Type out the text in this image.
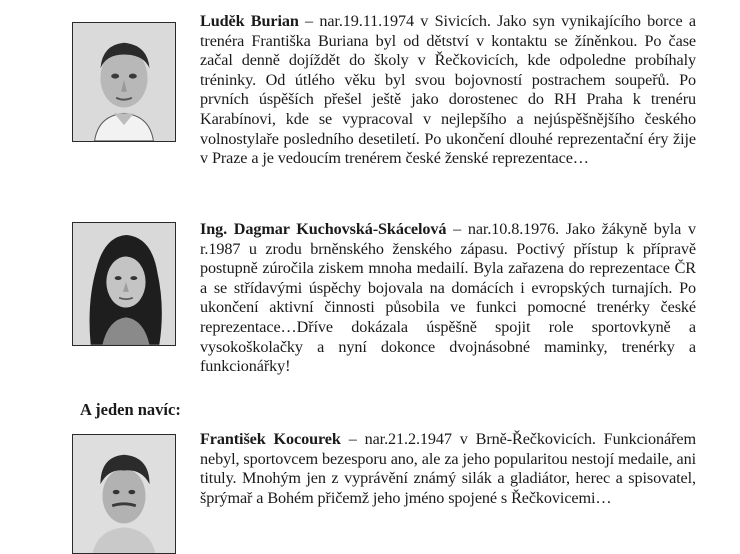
Luděk Burian – nar.19.11.1974 v Sivicích. Jako syn vynikajícího borce a trenéra Františka Buriana byl od dětství v kontaktu se žíněnkou. Po čase začal denně dojíždět do školy v Řečkovicích, kde odpoledne probíhaly tréninky. Od útlého věku byl svou bojovností postrachem soupeřů. Po prvních úspěších přešel ještě jako dorostenec do RH Praha k trenéru Karabínovi, kde se vypracoval v nejlepšího a nejúspěšnějšího českého volnostylaře posledního desetiletí. Po ukončení dlouhé reprezentační éry žije v Praze a je vedoucím trenérem české ženské reprezentace…
Ing. Dagmar Kuchovská-Skácelová – nar.10.8.1976. Jako žákyně byla v r.1987 u zrodu brněnského ženského zápasu. Poctivý přístup k přípravě postupně zúročila ziskem mnoha medailí. Byla zařazena do reprezentace ČR a se střídavými úspěchy bojovala na domácích i evropských turnajích. Po ukončení aktivní činnosti působila ve funkci pomocné trenérky české reprezentace…Dříve dokázala úspěšně spojit role sportovkyně a vysokoškolačky a nyní dokonce dvojnásobné maminky, trenérky a funkcionářky!
A jeden navíc:
František Kocourek – nar.21.2.1947 v Brně-Řečkovicích. Funkcionářem nebyl, sportovcem bezesporu ano, ale za jeho popularitou nestojí medaile, ani tituly. Mnohým jen z vyprávění známý silák a gladiátor, herec a spisovatel, šprýmař a Bohém přičemž jeho jméno spojené s Řečkovicemi…
